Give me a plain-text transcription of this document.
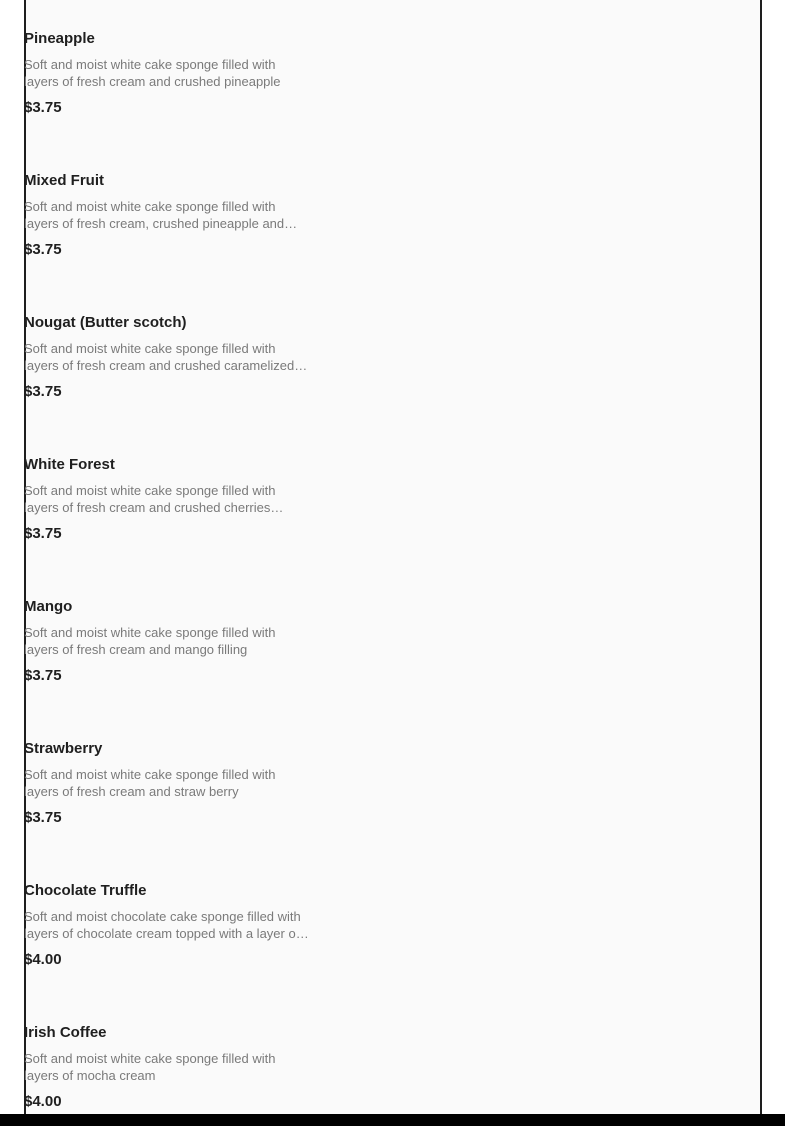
Pineapple
Soft and moist white cake sponge filled with
layers of fresh cream and crushed pineapple
$3.75
Mixed Fruit
Soft and moist white cake sponge filled with
layers of fresh cream, crushed pineapple and…
$3.75
Nougat (Butter scotch)
Soft and moist white cake sponge filled with
layers of fresh cream and crushed caramelized…
$3.75
White Forest
Soft and moist white cake sponge filled with
layers of fresh cream and crushed cherries…
$3.75
Mango
Soft and moist white cake sponge filled with
layers of fresh cream and mango filling
$3.75
Strawberry
Soft and moist white cake sponge filled with
layers of fresh cream and straw berry
$3.75
Chocolate Truffle
Soft and moist chocolate cake sponge filled with
layers of chocolate cream topped with a layer o…
$4.00
Irish Coffee
Soft and moist white cake sponge filled with
layers of mocha cream
$4.00
